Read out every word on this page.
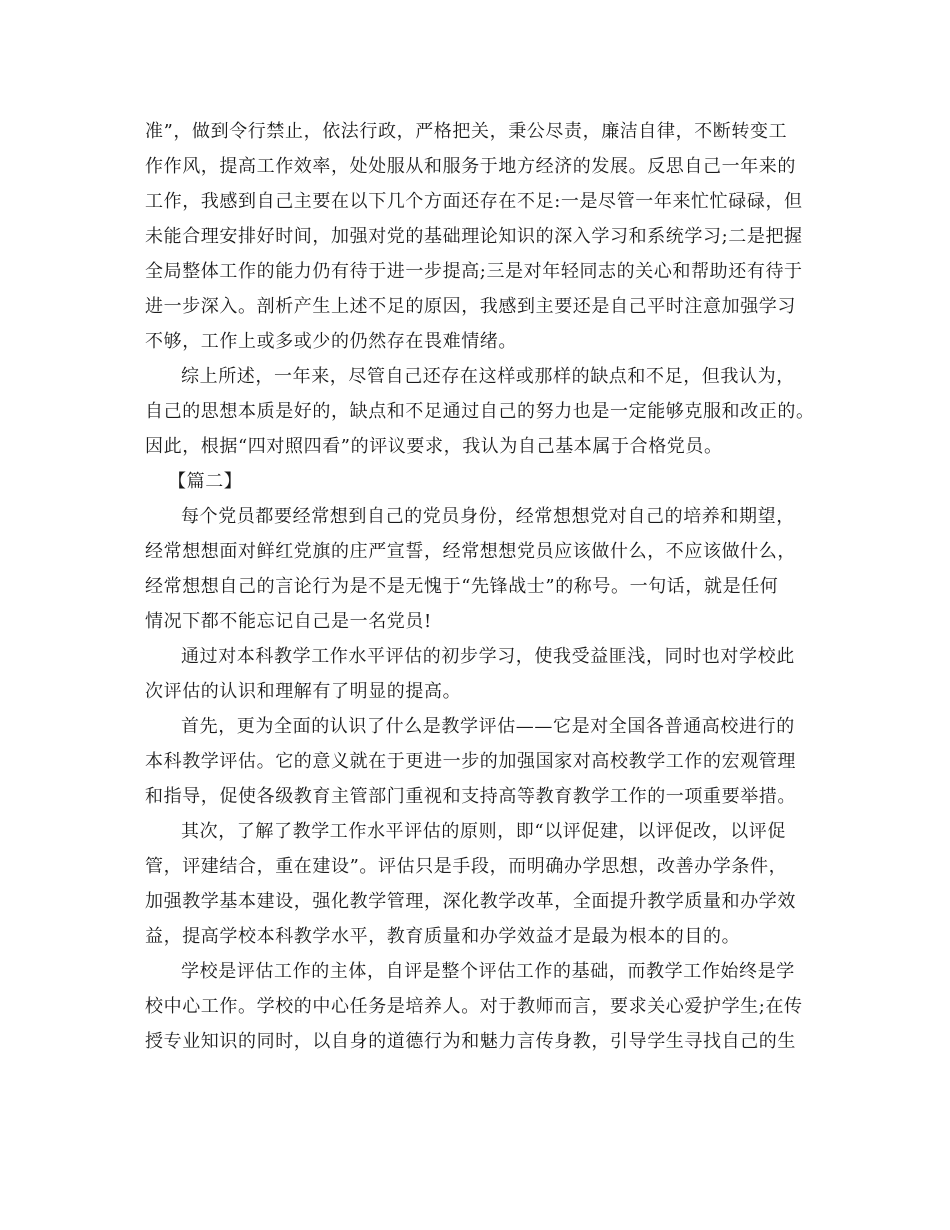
准”，做到令行禁止，依法行政，严格把关，秉公尽责，廉洁自律，不断转变工
作作风，提高工作效率，处处服从和服务于地方经济的发展。反思自己一年来的
工作，我感到自己主要在以下几个方面还存在不足:一是尽管一年来忙忙碌碌，但
未能合理安排好时间，加强对党的基础理论知识的深入学习和系统学习;二是把握
全局整体工作的能力仍有待于进一步提高;三是对年轻同志的关心和帮助还有待于
进一步深入。剖析产生上述不足的原因，我感到主要还是自己平时注意加强学习
不够，工作上或多或少的仍然存在畏难情绪。
综上所述，一年来，尽管自己还存在这样或那样的缺点和不足，但我认为，
自己的思想本质是好的，缺点和不足通过自己的努力也是一定能够克服和改正的。
因此，根据“四对照四看”的评议要求，我认为自己基本属于合格党员。
【篇二】
每个党员都要经常想到自己的党员身份，经常想想党对自己的培养和期望，
经常想想面对鲜红党旗的庄严宣誓，经常想想党员应该做什么，不应该做什么，
经常想想自己的言论行为是不是无愧于“先锋战士”的称号。一句话，就是任何
情况下都不能忘记自己是一名党员!
通过对本科教学工作水平评估的初步学习，使我受益匪浅，同时也对学校此
次评估的认识和理解有了明显的提高。
首先，更为全面的认识了什么是教学评估——它是对全国各普通高校进行的
本科教学评估。它的意义就在于更进一步的加强国家对高校教学工作的宏观管理
和指导，促使各级教育主管部门重视和支持高等教育教学工作的一项重要举措。
其次，了解了教学工作水平评估的原则，即“以评促建，以评促改，以评促
管，评建结合，重在建设”。评估只是手段，而明确办学思想，改善办学条件，
加强教学基本建设，强化教学管理，深化教学改革，全面提升教学质量和办学效
益，提高学校本科教学水平，教育质量和办学效益才是最为根本的目的。
学校是评估工作的主体，自评是整个评估工作的基础，而教学工作始终是学
校中心工作。学校的中心任务是培养人。对于教师而言，要求关心爱护学生;在传
授专业知识的同时，以自身的道德行为和魅力言传身教，引导学生寻找自己的生
